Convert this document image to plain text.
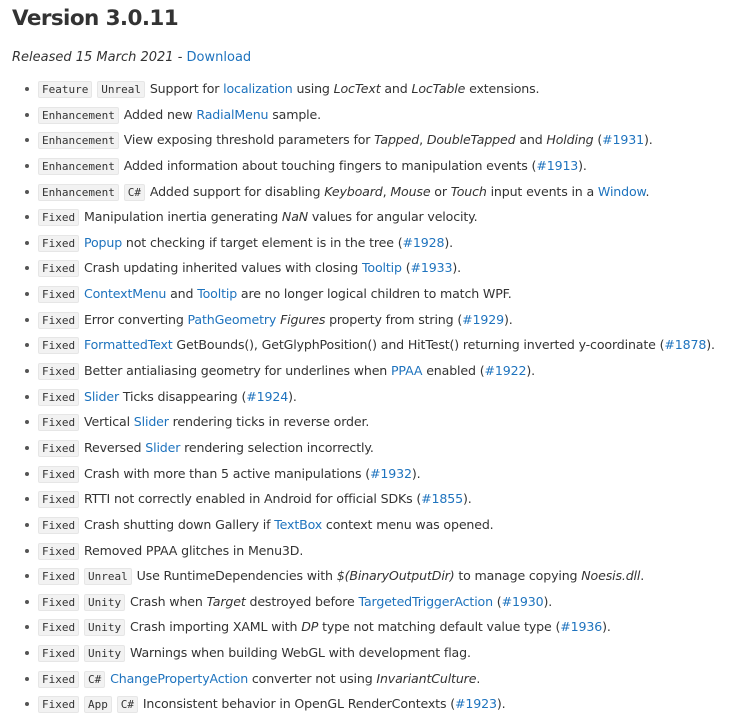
Version 3.0.11
Released 15 March 2021 - Download
Feature Unreal Support for localization using LocText and LocTable extensions.
Enhancement Added new RadialMenu sample.
Enhancement View exposing threshold parameters for Tapped, DoubleTapped and Holding (#1931).
Enhancement Added information about touching fingers to manipulation events (#1913).
Enhancement C# Added support for disabling Keyboard, Mouse or Touch input events in a Window.
Fixed Manipulation inertia generating NaN values for angular velocity.
Fixed Popup not checking if target element is in the tree (#1928).
Fixed Crash updating inherited values with closing Tooltip (#1933).
Fixed ContextMenu and Tooltip are no longer logical children to match WPF.
Fixed Error converting PathGeometry Figures property from string (#1929).
Fixed FormattedText GetBounds(), GetGlyphPosition() and HitTest() returning inverted y-coordinate (#1878).
Fixed Better antialiasing geometry for underlines when PPAA enabled (#1922).
Fixed Slider Ticks disappearing (#1924).
Fixed Vertical Slider rendering ticks in reverse order.
Fixed Reversed Slider rendering selection incorrectly.
Fixed Crash with more than 5 active manipulations (#1932).
Fixed RTTI not correctly enabled in Android for official SDKs (#1855).
Fixed Crash shutting down Gallery if TextBox context menu was opened.
Fixed Removed PPAA glitches in Menu3D.
Fixed Unreal Use RuntimeDependencies with $(BinaryOutputDir) to manage copying Noesis.dll.
Fixed Unity Crash when Target destroyed before TargetedTriggerAction (#1930).
Fixed Unity Crash importing XAML with DP type not matching default value type (#1936).
Fixed Unity Warnings when building WebGL with development flag.
Fixed C# ChangePropertyAction converter not using InvariantCulture.
Fixed App C# Inconsistent behavior in OpenGL RenderContexts (#1923).
